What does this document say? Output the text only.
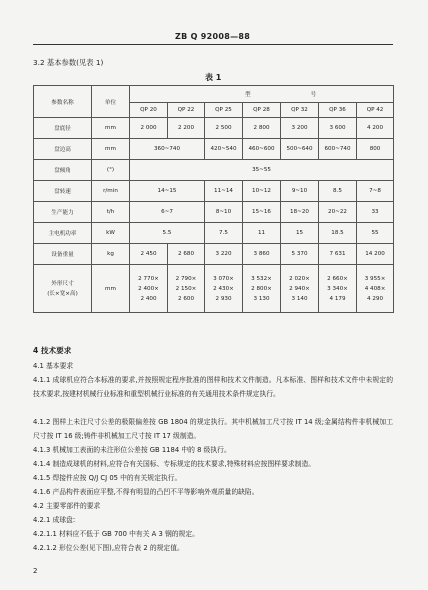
ZB Q 92008—88
3.2 基本参数(见表 1)
表 1
参数名称	单位	型 号						
		QP 20	QP 22	QP 25	QP 28	QP 32	QP 36	QP 42
盘底径	mm	2 000	2 200	2 500	2 800	3 200	3 600	4 200
盘边高	mm	360~740		420~540	460~600	500~640	600~740	800
盘倾角	(°)	35~55						
盘转速	r/min	14~15		11~14	10~12	9~10	8.5	7~8
生产能力	t/h	6~7		8~10	15~16	18~20	20~22	33
主电机功率	kW	5.5		7.5	11	15	18.5	55
设备重量	kg	2 450	2 680	3 220	3 860	5 370	7 631	14 200

外形尺寸
(长×宽×高)	mm	2 770×
2 400×
2 400	2 790×
2 150×
2 600	3 070×
2 430×
2 930	3 532×
2 800×
3 130	2 020×
2 940×
3 140	2 660×
3 340×
4 179	3 955×
4 408×
4 290
4 技术要求
4.1 基本要求
4.1.1 成球机应符合本标准的要求,并按照规定程序批准的图样和技术文件制造。凡本标准、图样和技术文件中未规定的技术要求,按建材机械行业标准和重型机械行业标准的有关通用技术条件规定执行。
4.1.2 图样上未注尺寸公差的极限偏差按 GB 1804 的规定执行。其中机械加工尺寸按 IT 14 级;金属结构件非机械加工尺寸按 IT 16 级;铸件非机械加工尺寸按 IT 17 级制造。
4.1.3 机械加工表面的未注形位公差按 GB 1184 中的 8 级执行。
4.1.4 制造成球机的材料,应符合有关国标、专标规定的技术要求,特殊材料应按图样要求制造。
4.1.5 焊接件应按 Q/J CJ 05 中的有关规定执行。
4.1.6 产品构件表面应平整,不得有明显的凸凹不平等影响外观质量的缺陷。
4.2 主要零部件的要求
4.2.1 成球盘:
4.2.1.1 材料应不低于 GB 700 中有关 A 3 钢的规定。
4.2.1.2 形位公差(见下图),应符合表 2 的规定值。
2
